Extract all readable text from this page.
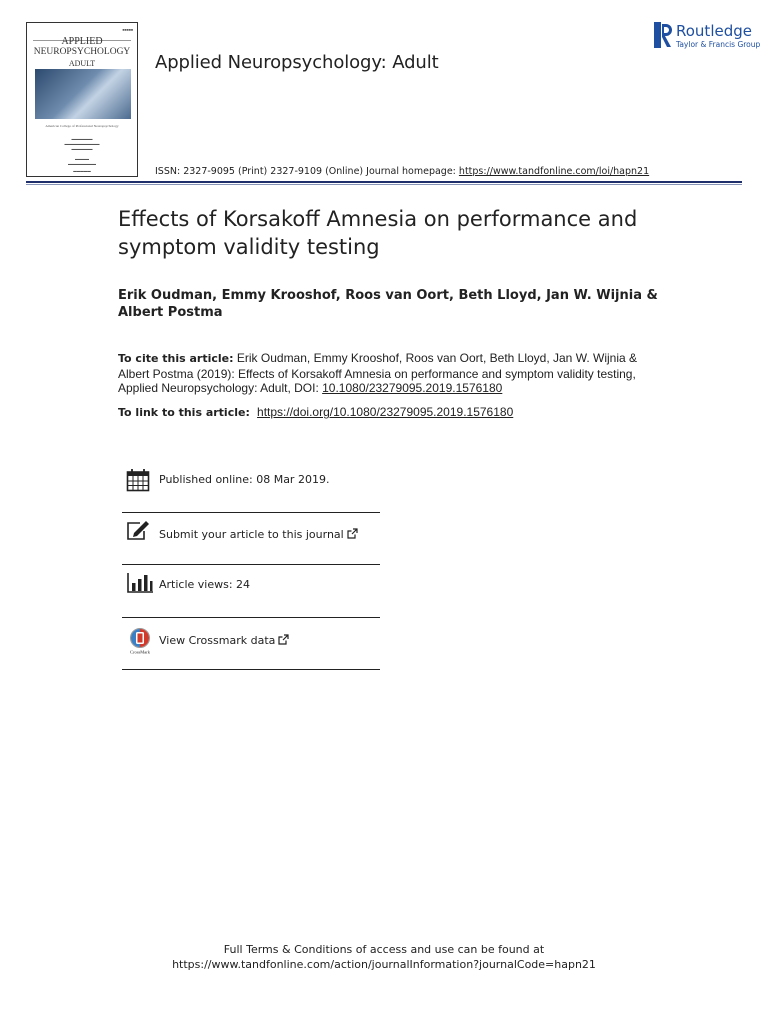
■■■■■
APPLIED
NEUROPSYCHOLOGY
ADULT
American College of Professional Neuropsychology
▬▬▬▬▬▬
▬▬▬▬▬▬▬▬▬▬
▬▬▬▬▬▬
▬▬▬▬
▬▬▬▬▬▬▬▬
▬▬▬▬▬
Applied Neuropsychology: Adult
Routledge
Taylor & Francis Group
ISSN: 2327-9095 (Print) 2327-9109 (Online) Journal homepage: https://www.tandfonline.com/loi/hapn21
Effects of Korsakoff Amnesia on performance and symptom validity testing
Erik Oudman, Emmy Krooshof, Roos van Oort, Beth Lloyd, Jan W. Wijnia & Albert Postma
To cite this article: Erik Oudman, Emmy Krooshof, Roos van Oort, Beth Lloyd, Jan W. Wijnia & Albert Postma (2019): Effects of Korsakoff Amnesia on performance and symptom validity testing, Applied Neuropsychology: Adult, DOI: 10.1080/23279095.2019.1576180
To link to this article:  https://doi.org/10.1080/23279095.2019.1576180
Published online: 08 Mar 2019.
Submit your article to this journal
Article views: 24
CrossMark
View Crossmark data
Full Terms & Conditions of access and use can be found at
https://www.tandfonline.com/action/journalInformation?journalCode=hapn21
